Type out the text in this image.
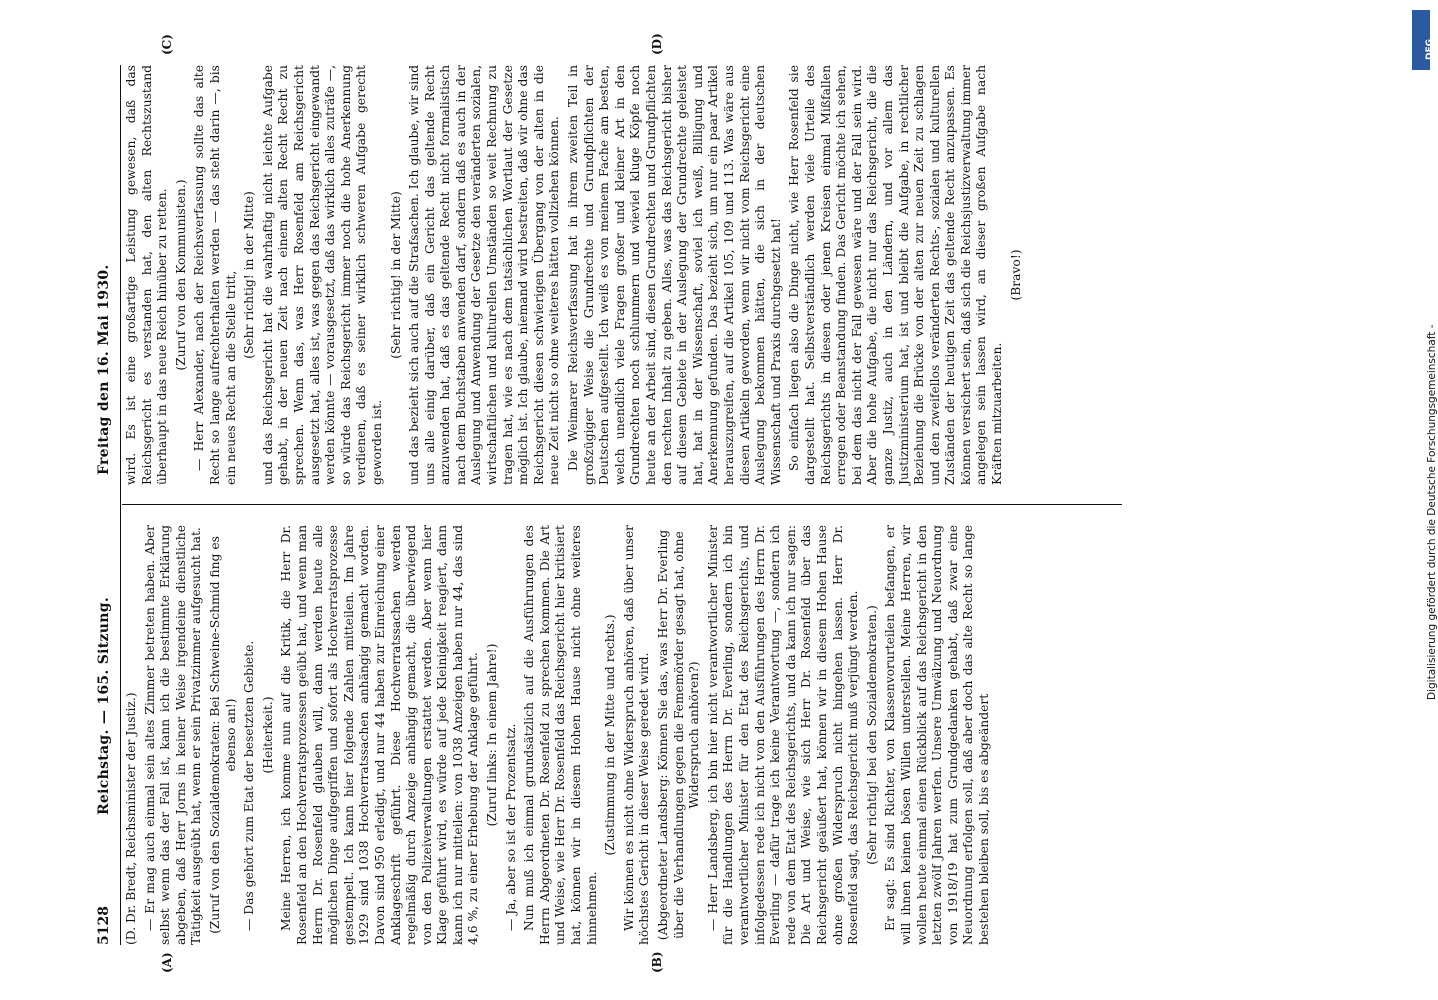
5128
Reichstag. — 165. Sitzung.
Freitag den 16. Mai 1930.

(D. Dr. Bredt, Reichsminister der Justiz.) — Er mag auch einmal sein altes Zimmer betreten haben. Aber selbst wenn das der Fall ist, kann ich die bestimmte Erklärung abgeben, daß Herr Jorns in keiner Weise irgendeine dienstliche Tätigkeit ausgeübt hat, wenn er sein Privatzimmer aufgesucht hat. (Zuruf von den Sozialdemokraten: Bei Schweine-Schmid fing es ebenso an!) — Das gehört zum Etat der besetzten Gebiete. (Heiterkeit.) Meine Herren, ich komme nun auf die Kritik, die Herr Dr. Rosenfeld an den Hochverratsprozessen geübt hat, und wenn man Herrn Dr. Rosenfeld glauben will, dann werden heute alle möglichen Dinge aufgegriffen und sofort als Hochverratsprozesse gestempelt. Ich kann hier folgende Zahlen mitteilen. Im Jahre 1929 sind 1038 Hochverratssachen anhängig gemacht worden. Davon sind 950 erledigt, und nur 44 haben zur Einreichung einer Anklageschrift geführt. Diese Hochverratssachen werden regelmäßig durch Anzeige anhängig gemacht, die überwiegend von den Polizeiverwaltungen erstattet werden. Aber wenn hier Klage geführt wird, es würde auf jede Kleinigkeit reagiert, dann kann ich nur mitteilen: von 1038 Anzeigen haben nur 44, das sind 4,6 %, zu einer Erhebung der Anklage geführt. (Zuruf links: In einem Jahre!) — Ja, aber so ist der Prozentsatz. Nun muß ich einmal grundsätzlich auf die Ausführungen des Herrn Abgeordneten Dr. Rosenfeld zu sprechen kommen. Die Art und Weise, wie Herr Dr. Rosenfeld das Reichsgericht hier kritisiert hat, können wir in diesem Hohen Hause nicht ohne weiteres hinnehmen.

(Zustimmung in der Mitte und rechts.) Wir können es nicht ohne Widerspruch anhören, daß über unser höchstes Gericht in dieser Weise geredet wird. (Abgeordneter Landsberg: Können Sie das, was Herr Dr. Everling über die Verhandlungen gegen die Fememörder gesagt hat, ohne Widerspruch anhören?) — Herr Landsberg, ich bin hier nicht verantwortlicher Minister für die Handlungen des Herrn Dr. Everling, sondern ich bin verantwortlicher Minister für den Etat des Reichsgerichts, und infolgedessen rede ich nicht von den Ausführungen des Herrn Dr. Everling — dafür trage ich keine Verantwortung —, sondern ich rede von dem Etat des Reichsgerichts, und da kann ich nur sagen: Die Art und Weise, wie sich Herr Dr. Rosenfeld über das Reichsgericht geäußert hat, können wir in diesem Hohen Hause ohne großen Widerspruch nicht hingehen lassen. Herr Dr. Rosenfeld sagt, das Reichsgericht muß verjüngt werden. (Sehr richtig! bei den Sozialdemokraten.) Er sagt: Es sind Richter, von Klassenvorurteilen befangen, er will ihnen keinen bösen Willen unterstellen. Meine Herren, wir wollen heute einmal einen Rückblick auf das Reichsgericht in den letzten zwölf Jahren werfen. Unsere Umwälzung und Neuordnung von 1918/19 hat zum Grundgedanken gehabt, daß zwar eine Neuordnung erfolgen soll, daß aber doch das alte Recht so lange bestehen bleiben soll, bis es abgeändert

wird. Es ist eine großartige Leistung gewesen, daß das Reichsgericht es verstanden hat, den alten Rechtszustand überhaupt in das neue Reich hinüber zu retten. (Zuruf von den Kommunisten.) — Herr Alexander, nach der Reichsverfassung sollte das alte Recht so lange aufrechterhalten werden — das steht darin —, bis ein neues Recht an die Stelle tritt, (Sehr richtig! in der Mitte) und das Reichsgericht hat die wahrhaftig nicht leichte Aufgabe gehabt, in der neuen Zeit nach einem alten Recht Recht zu sprechen. Wenn das, was Herr Rosenfeld am Reichsgericht ausgesetzt hat, alles ist, was gegen das Reichsgericht eingewandt werden könnte — vorausgesetzt, daß das wirklich alles zuträfe —, so würde das Reichsgericht immer noch die hohe Anerkennung verdienen, daß es seiner wirklich schweren Aufgabe gerecht geworden ist.

(Sehr richtig! in der Mitte) und das bezieht sich auch auf die Strafsachen. Ich glaube, wir sind uns alle einig darüber, daß ein Gericht das geltende Recht anzuwenden hat, daß es das geltende Recht nicht formalistisch nach dem Buchstaben anwenden darf, sondern daß es auch in der Auslegung und Anwendung der Gesetze den veränderten sozialen, wirtschaftlichen und kulturellen Umständen so weit Rechnung zu tragen hat, wie es nach dem tatsächlichen Wortlaut der Gesetze möglich ist. Ich glaube, niemand wird bestreiten, daß wir ohne das Reichsgericht diesen schwierigen Übergang von der alten in die neue Zeit nicht so ohne weiteres hätten vollziehen können. Die Weimarer Reichsverfassung hat in ihrem zweiten Teil in großzügiger Weise die Grundrechte und Grundpflichten der Deutschen aufgestellt. Ich weiß es von meinem Fache am besten, welch unendlich viele Fragen großer und kleiner Art in den Grundrechten noch schlummern und wieviel kluge Köpfe noch heute an der Arbeit sind, diesen Grundrechten und Grundpflichten den rechten Inhalt zu geben. Alles, was das Reichsgericht bisher auf diesem Gebiete in der Auslegung der Grundrechte geleistet hat, hat in der Wissenschaft, soviel ich weiß, Billigung und Anerkennung gefunden. Das bezieht sich, um nur ein paar Artikel herauszugreifen, auf die Artikel 105, 109 und 113. Was wäre aus diesen Artikeln geworden, wenn wir nicht vom Reichsgericht eine Auslegung bekommen hätten, die sich in der deutschen Wissenschaft und Praxis durchgesetzt hat! So einfach liegen also die Dinge nicht, wie Herr Rosenfeld sie dargestellt hat. Selbstverständlich werden viele Urteile des Reichsgerichts in diesen oder jenen Kreisen einmal Mißfallen erregen oder Beanstandung finden. Das Gericht möchte ich sehen, bei dem das nicht der Fall gewesen wäre und der Fall sein wird. Aber die hohe Aufgabe, die nicht nur das Reichsgericht, die die ganze Justiz, auch in den Ländern, und vor allem das Justizministerium hat, ist und bleibt die Aufgabe, in rechtlicher Beziehung die Brücke von der alten zur neuen Zeit zu schlagen und den zweifellos veränderten Rechts-, sozialen und kulturellen Zuständen der heutigen Zeit das geltende Recht anzupassen. Es können versichert sein, daß sich die Reichsjustizverwaltung immer angelegen sein lassen wird, an dieser großen Aufgabe nach Kräften mitzuarbeiten.

(Bravo!)

(A)	(B)
(C)	(D)	DFG
Digitalisierung gefördert durch die Deutsche Forschungsgemeinschaft -
